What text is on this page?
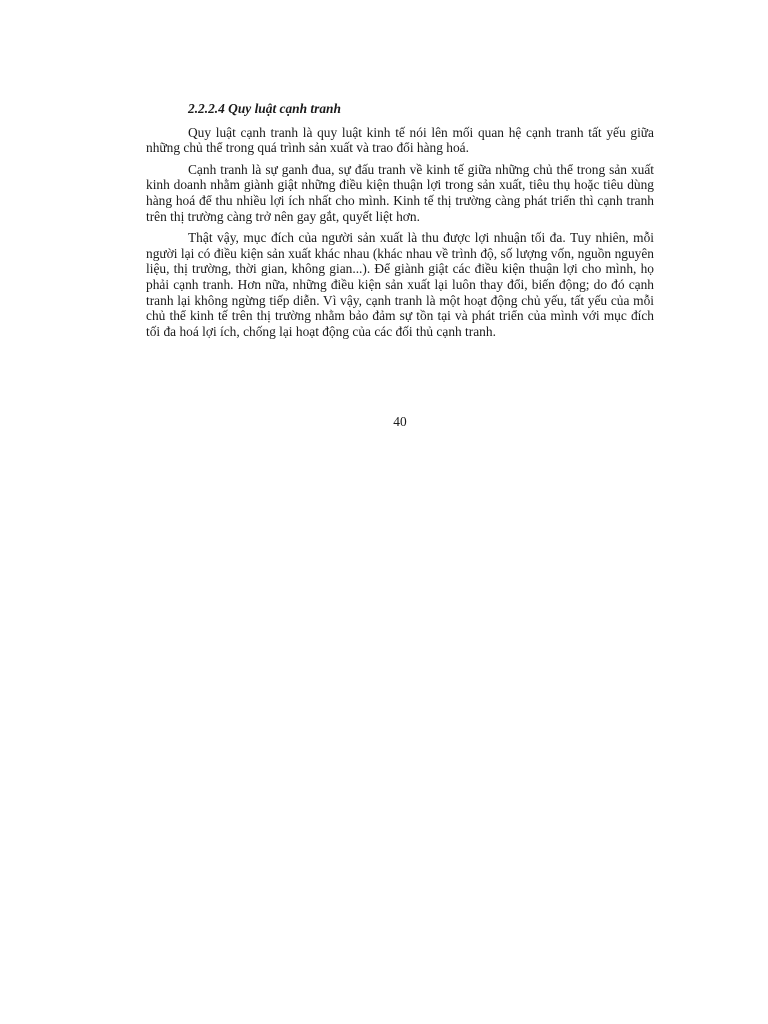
2.2.2.4 Quy luật cạnh tranh

Quy luật cạnh tranh là quy luật kinh tế nói lên mối quan hệ cạnh tranh tất yếu giữa những chủ thể trong quá trình sản xuất và trao đổi hàng hoá.

Cạnh tranh là sự ganh đua, sự đấu tranh về kinh tế giữa những chủ thể trong sản xuất kinh doanh nhằm giành giật những điều kiện thuận lợi trong sản xuất, tiêu thụ hoặc tiêu dùng hàng hoá để thu nhiều lợi ích nhất cho mình. Kinh tế thị trường càng phát triển thì cạnh tranh trên thị trường càng trở nên gay gắt, quyết liệt hơn.

Thật vậy, mục đích của người sản xuất là thu được lợi nhuận tối đa. Tuy nhiên, mỗi người lại có điều kiện sản xuất khác nhau (khác nhau về trình độ, số lượng vốn, nguồn nguyên liệu, thị trường, thời gian, không gian...). Để giành giật các điều kiện thuận lợi cho mình, họ phải cạnh tranh. Hơn nữa, những điều kiện sản xuất lại luôn thay đổi, biến động; do đó cạnh tranh lại không ngừng tiếp diễn. Vì vậy, cạnh tranh là một hoạt động chủ yếu, tất yếu của mỗi chủ thể kinh tế trên thị trường nhằm bảo đảm sự tồn tại và phát triển của mình với mục đích tối đa hoá lợi ích, chống lại hoạt động của các đối thủ cạnh tranh.

40
